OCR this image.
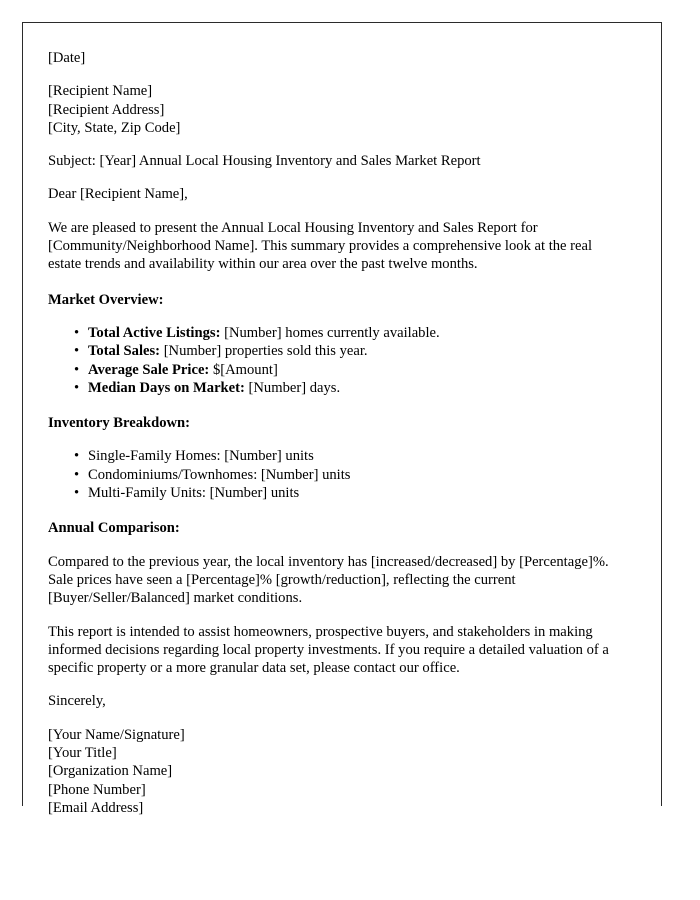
[Date]
[Recipient Name]
[Recipient Address]
[City, State, Zip Code]
Subject: [Year] Annual Local Housing Inventory and Sales Market Report
Dear [Recipient Name],

We are pleased to present the Annual Local Housing Inventory and Sales Report for [Community/Neighborhood Name]. This summary provides a comprehensive look at the real estate trends and availability within our area over the past twelve months.

Market Overview:
• Total Active Listings: [Number] homes currently available.
• Total Sales: [Number] properties sold this year.
• Average Sale Price: $[Amount]
• Median Days on Market: [Number] days.
Inventory Breakdown:
• Single-Family Homes: [Number] units
• Condominiums/Townhomes: [Number] units
• Multi-Family Units: [Number] units
Annual Comparison:

Compared to the previous year, the local inventory has [increased/decreased] by [Percentage]%. Sale prices have seen a [Percentage]% [growth/reduction], reflecting the current [Buyer/Seller/Balanced] market conditions.

This report is intended to assist homeowners, prospective buyers, and stakeholders in making informed decisions regarding local property investments. If you require a detailed valuation of a specific property or a more granular data set, please contact our office.

Sincerely,
[Your Name/Signature]
[Your Title]
[Organization Name]
[Phone Number]
[Email Address]
